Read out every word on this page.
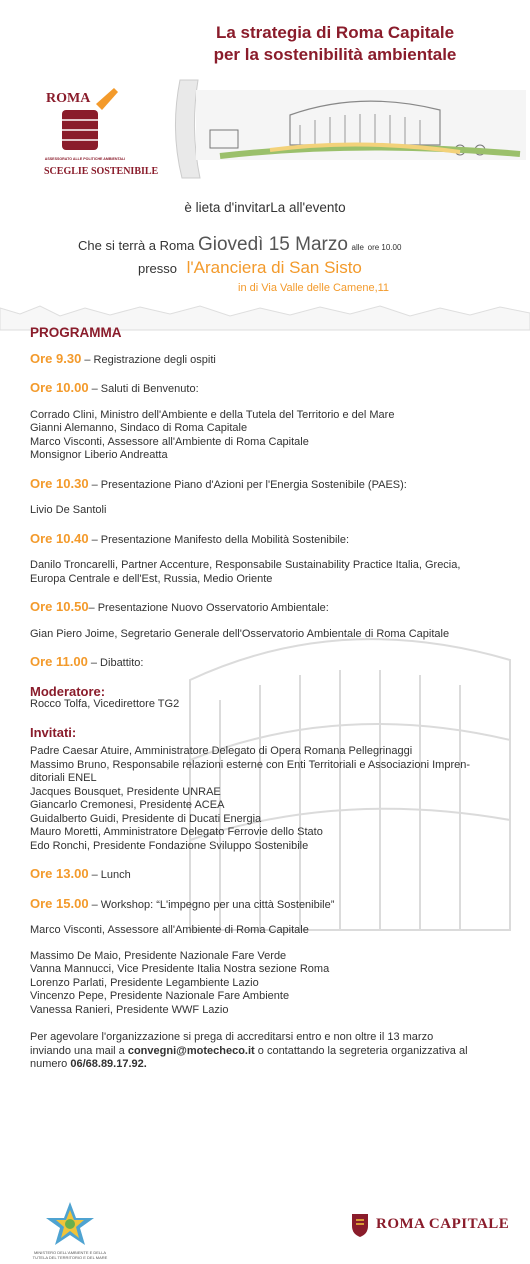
La strategia di Roma Capitale
per la sostenibilità ambientale
ROMA
SCEGLIE SOSTENIBILE
ASSESSORATO ALLE POLITICHE AMBIENTALI
è lieta d'invitarLa all'evento
Che si terrà a Roma Giovedì 15 Marzo alle ore 10.00
presso l'Aranciera di San Sisto
in di Via Valle delle Camene,11
PROGRAMMA

Ore 9.30 – Registrazione degli ospiti

Ore 10.00 – Saluti di Benvenuto:

Corrado Clini, Ministro dell'Ambiente e della Tutela del Territorio e del Mare

Gianni Alemanno, Sindaco di Roma Capitale

Marco Visconti, Assessore all'Ambiente di Roma Capitale

Monsignor Liberio Andreatta

Ore 10.30 – Presentazione Piano d'Azioni per l'Energia Sostenibile (PAES):

Livio De Santoli

Ore 10.40 – Presentazione Manifesto della Mobilità Sostenibile:

Danilo Troncarelli, Partner Accenture, Responsabile Sustainability Practice Italia, Grecia,

Europa Centrale e dell'Est, Russia, Medio Oriente

Ore 10.50– Presentazione Nuovo Osservatorio Ambientale:

Gian Piero Joime, Segretario Generale dell'Osservatorio Ambientale di Roma Capitale

Ore 11.00 – Dibattito:

Moderatore:

Rocco Tolfa, Vicedirettore TG2

Invitati:

Padre Caesar Atuire, Amministratore Delegato di Opera Romana Pellegrinaggi

Massimo Bruno, Responsabile relazioni esterne con Enti Territoriali e Associazioni Impren-

ditoriali ENEL

Jacques Bousquet, Presidente UNRAE

Giancarlo Cremonesi, Presidente ACEA

Guidalberto Guidi, Presidente di Ducati Energia

Mauro Moretti, Amministratore Delegato Ferrovie dello Stato

Edo Ronchi, Presidente Fondazione Sviluppo Sostenibile

Ore 13.00 – Lunch

Ore 15.00 – Workshop: “L'impegno per una città Sostenibile”

Marco Visconti, Assessore all'Ambiente di Roma Capitale

Massimo De Maio, Presidente Nazionale Fare Verde

Vanna Mannucci, Vice Presidente Italia Nostra sezione Roma

Lorenzo Parlati, Presidente Legambiente Lazio

Vincenzo Pepe, Presidente Nazionale Fare Ambiente

Vanessa Ranieri, Presidente WWF Lazio

Per agevolare l'organizzazione si prega di accreditarsi entro e non oltre il 13 marzo

inviando una mail a convegni@motecheco.it o contattando la segreteria organizzativa al

numero 06/68.89.17.92.

MINISTERO DELL'AMBIENTE E DELLA TUTELA DEL TERRITORIO E DEL MARE
ROMA CAPITALE
